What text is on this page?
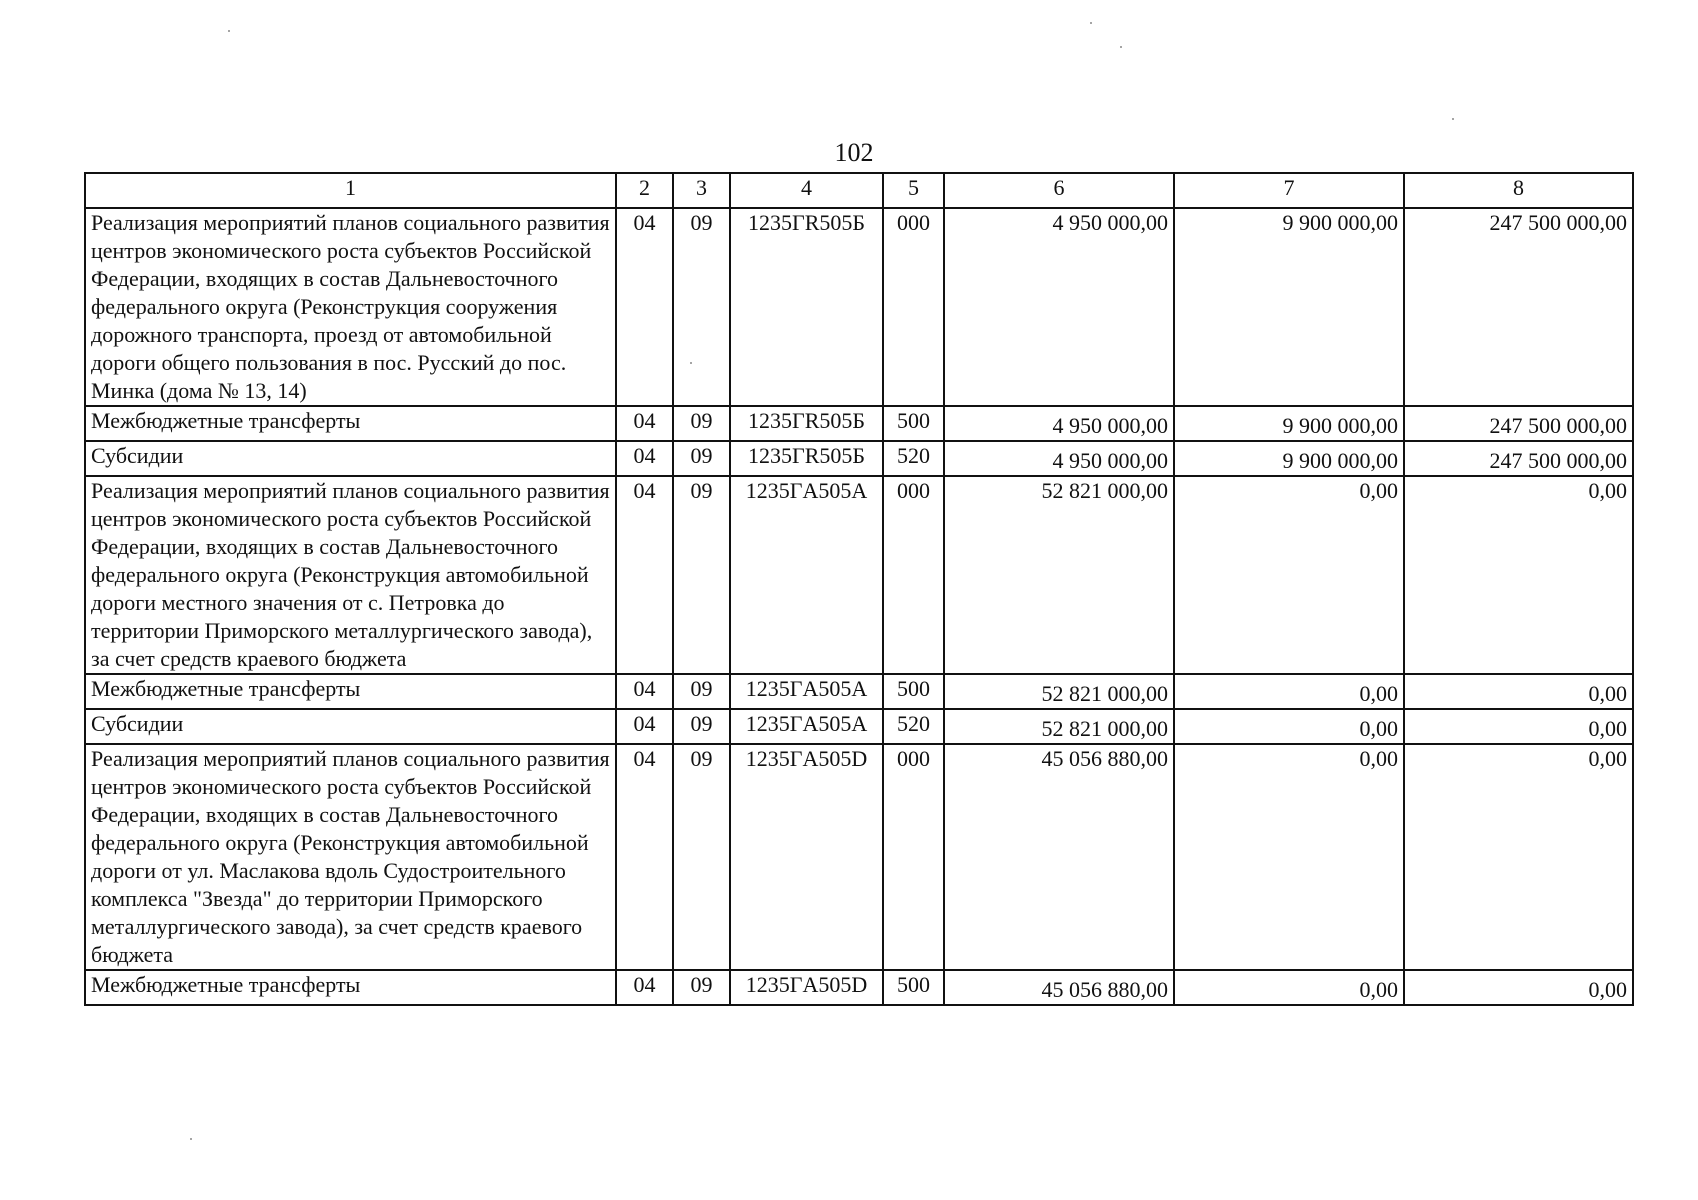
102
1	2	3	4	5	6	7	8
Реализация мероприятий планов социального развития центров экономического роста субъектов Российской Федерации, входящих в состав Дальневосточного федерального округа (Реконструкция сооружения дорожного транспорта, проезд от автомобильной дороги общего пользования в пос. Русский до пос. Минка (дома № 13, 14)	04	09	1235ГR505Б	000	4 950 000,00	9 900 000,00	247 500 000,00
Межбюджетные трансферты	04	09	1235ГR505Б	500	4 950 000,00	9 900 000,00	247 500 000,00
Субсидии	04	09	1235ГR505Б	520	4 950 000,00	9 900 000,00	247 500 000,00
Реализация мероприятий планов социального развития центров экономического роста субъектов Российской Федерации, входящих в состав Дальневосточного федерального округа (Реконструкция автомобильной дороги местного значения от с. Петровка до территории Приморского металлургического завода), за счет средств краевого бюджета	04	09	1235ГA505A	000	52 821 000,00	0,00	0,00
Межбюджетные трансферты	04	09	1235ГA505A	500	52 821 000,00	0,00	0,00
Субсидии	04	09	1235ГA505A	520	52 821 000,00	0,00	0,00
Реализация мероприятий планов социального развития центров экономического роста субъектов Российской Федерации, входящих в состав Дальневосточного федерального округа (Реконструкция автомобильной дороги от ул. Маслакова вдоль Судостроительного комплекса "Звезда" до территории Приморского металлургического завода), за счет средств краевого бюджета	04	09	1235ГA505D	000	45 056 880,00	0,00	0,00
Межбюджетные трансферты	04	09	1235ГA505D	500	45 056 880,00	0,00	0,00
